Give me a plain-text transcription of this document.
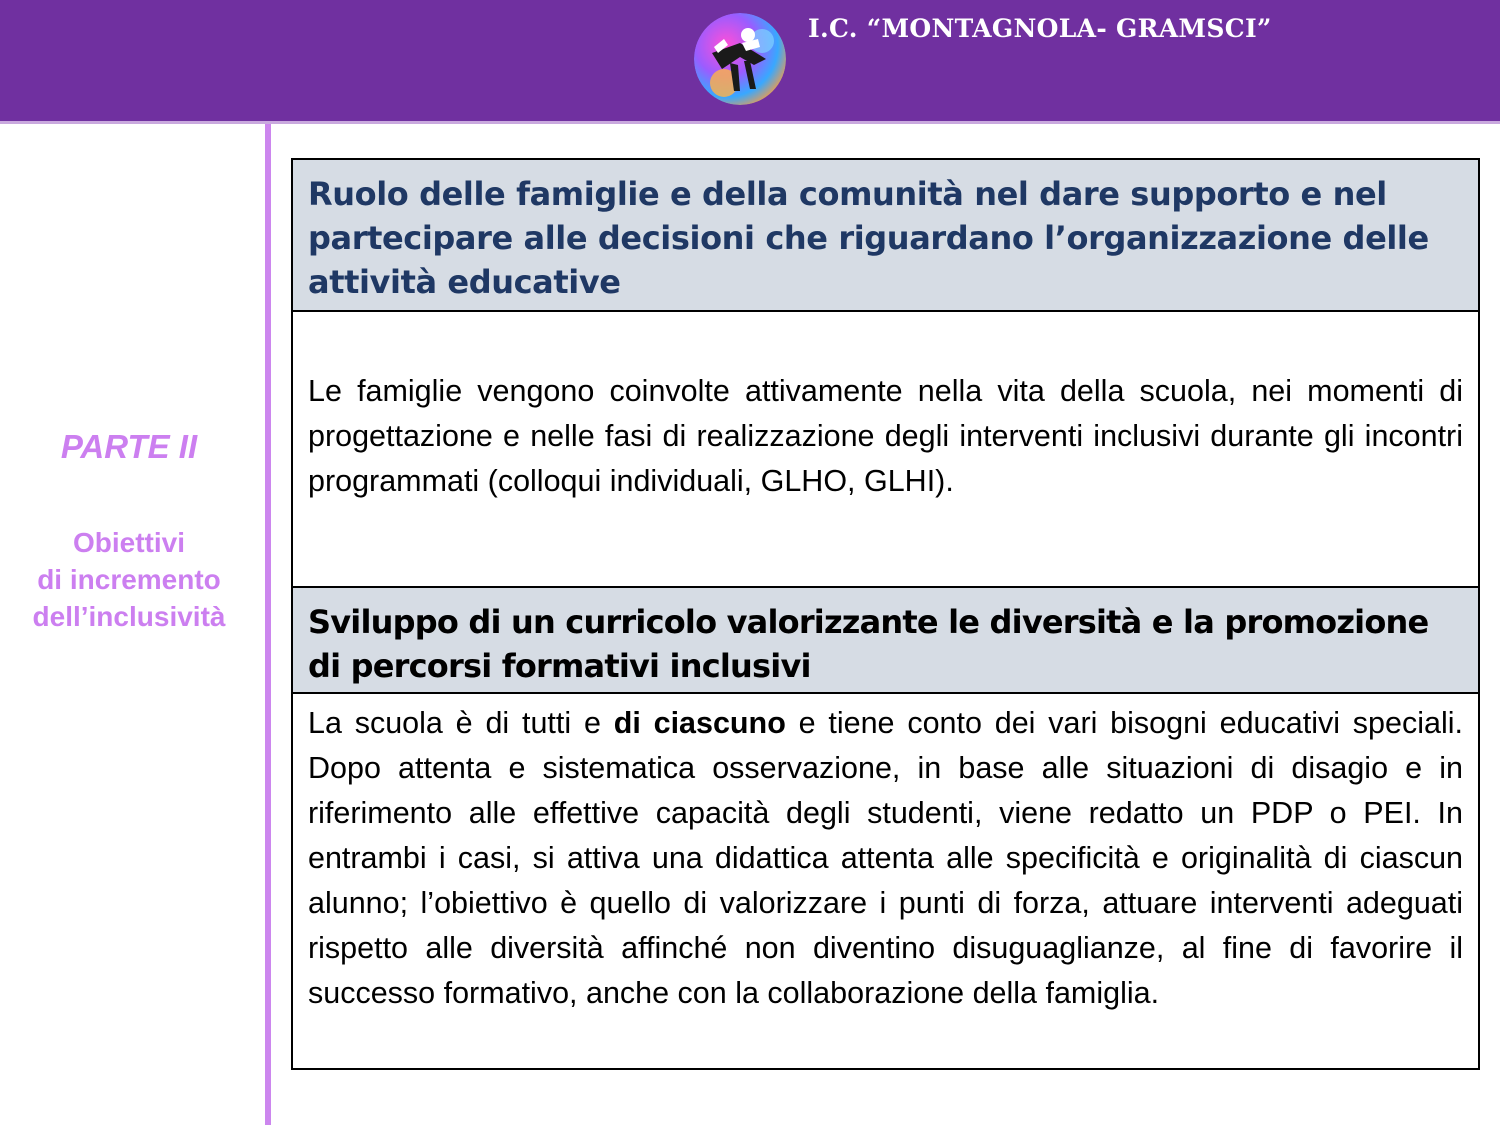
I.C. “MONTAGNOLA- GRAMSCI”
PARTE II
Obiettivi
di incremento
dell’inclusività

Ruolo delle famiglie e della comunità nel dare supporto e nel partecipare alle decisioni che riguardano l’organizzazione delle attività educative

Le famiglie vengono coinvolte attivamente nella vita della scuola, nei momenti di progettazione e nelle fasi di realizzazione degli interventi inclusivi durante gli incontri programmati (colloqui individuali, GLHO, GLHI).

Sviluppo di un curricolo valorizzante le diversità e la promozione di percorsi formativi inclusivi

La scuola è di tutti e di ciascuno e tiene conto dei vari bisogni educativi speciali. Dopo attenta e sistematica osservazione, in base alle situazioni di disagio e in riferimento alle effettive capacità degli studenti, viene redatto un PDP o PEI. In entrambi i casi, si attiva una didattica attenta alle specificità e originalità di ciascun alunno; l’obiettivo è quello di valorizzare i punti di forza, attuare interventi adeguati rispetto alle diversità affinché non diventino disuguaglianze, al fine di favorire il successo formativo, anche con la collaborazione della famiglia.
